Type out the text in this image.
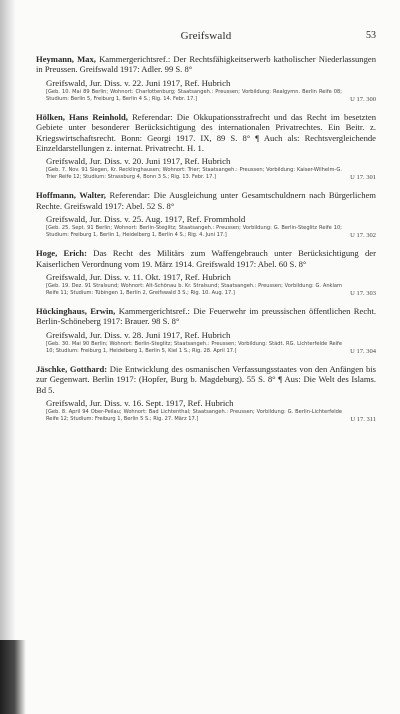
Greifswald	53
Heymann, Max, Kammergerichtsref.: Der Rechtsfähigkeitserwerb katholischer Niederlassungen in Preussen. Greifswald 1917: Adler. 99 S. 8°
Greifswald, Jur. Diss. v. 22. Juni 1917, Ref. Hubrich
[Geb. 10. Mai 89 Berlin; Wohnort: Charlottenburg; Staatsangeh.: Preussen; Vorbildung: Realgymn. Berlin Reife 08; Studium: Berlin 5, Freiburg 1, Berlin 4 S.; Rig. 14. Febr. 17.]	U 17. 300
Hölken, Hans Reinhold, Referendar: Die Okkupationsstrafrecht und das Recht im besetzten Gebiete unter besonderer Berücksichtigung des internationalen Privatrechtes. Ein Beitr. z. Kriegswirtschaftsrecht. Bonn: Georgi 1917. IX, 89 S. 8° ¶ Auch als: Rechtsvergleichende Einzeldarstellungen z. internat. Privatrecht. H. 1.
Greifswald, Jur. Diss. v. 20. Juni 1917, Ref. Hubrich
[Geb. 7. Nov. 91 Siegen, Kr. Recklinghausen; Wohnort: Trier; Staatsangeh.: Preussen; Vorbildung: Kaiser-Wilhelm-G. Trier Reife 12; Studium: Strassburg 4, Bonn 3 S.; Rig. 13. Febr. 17.]	U 17. 301
Hoffmann, Walter, Referendar: Die Ausgleichung unter Gesamtschuldnern nach Bürgerlichem Rechte. Greifswald 1917: Abel. 52 S. 8°
Greifswald, Jur. Diss. v. 25. Aug. 1917, Ref. Frommhold
[Geb. 25. Sept. 91 Berlin; Wohnort: Berlin-Steglitz; Staatsangeh.: Preussen; Vorbildung: G. Berlin-Steglitz Reife 10; Studium: Freiburg 1, Berlin 1, Heidelberg 1, Berlin 4 S.; Rig. 4. Juni 17.]	U 17. 302
Hoge, Erich: Das Recht des Militärs zum Waffengebrauch unter Berücksichtigung der Kaiserlichen Verordnung vom 19. März 1914. Greifswald 1917: Abel. 60 S. 8°
Greifswald, Jur. Diss. v. 11. Okt. 1917, Ref. Hubrich
[Geb. 19. Dez. 91 Stralsund; Wohnort: Alt-Schönau b. Kr. Stralsund; Staatsangeh.: Preussen; Vorbildung: G. Anklam Reife 11; Studium: Tübingen 1, Berlin 2, Greifswald 3 S.; Rig. 10. Aug. 17.]	U 17. 303
Hückinghaus, Erwin, Kammergerichtsref.: Die Feuerwehr im preussischen öffentlichen Recht. Berlin-Schöneberg 1917: Brauer. 98 S. 8°
Greifswald, Jur. Diss. v. 28. Juni 1917, Ref. Hubrich
[Geb. 30. Mai 90 Berlin; Wohnort: Berlin-Steglitz; Staatsangeh.: Preussen; Vorbildung: Städt. RG. Lichterfelde Reife 10; Studium: Freiburg 1, Heidelberg 1, Berlin 5, Kiel 1 S.; Rig. 28. April 17.]	U 17. 304
Jäschke, Gotthard: Die Entwicklung des osmanischen Verfassungsstaates von den Anfängen bis zur Gegenwart. Berlin 1917: (Hopfer, Burg b. Magdeburg). 55 S. 8° ¶ Aus: Die Welt des Islams. Bd 5.
Greifswald, Jur. Diss. v. 16. Sept. 1917, Ref. Hubrich
[Geb. 8. April 94 Ober-Peilau; Wohnort: Bad Lichtenthal; Staatsangeh.: Preussen; Vorbildung: G. Berlin-Lichterfelde Reife 12; Studium: Freiburg 1, Berlin 5 S.; Rig. 27. März 17.]	U 17. 311
